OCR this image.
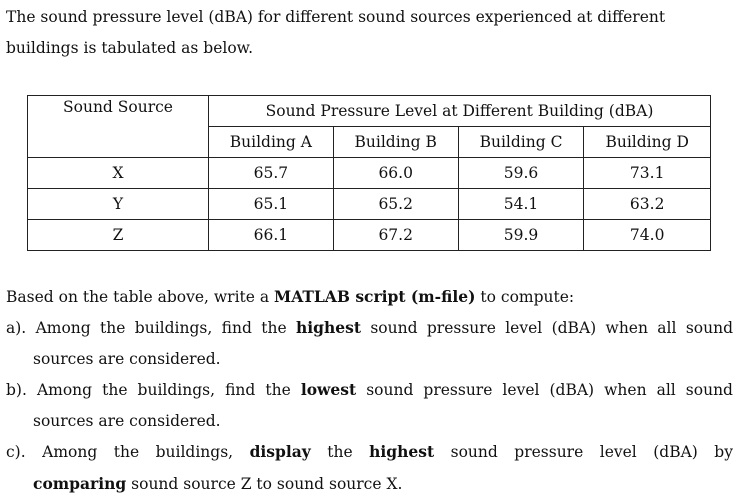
The sound pressure level (dBA) for different sound sources experienced at different
buildings is tabulated as below.
Sound Source	Sound Pressure Level at Different Building (dBA)			
	Building A	Building B	Building C	Building D
X	65.7	66.0	59.6	73.1
Y	65.1	65.2	54.1	63.2
Z	66.1	67.2	59.9	74.0
Based on the table above, write a MATLAB script (m-file) to compute:
a). Among the buildings, find the highest sound pressure level (dBA) when all sound
sources are considered.
b). Among the buildings, find the lowest sound pressure level (dBA) when all sound
sources are considered.
c). Among the buildings, display the highest sound pressure level (dBA) by
comparing sound source Z to sound source X.
